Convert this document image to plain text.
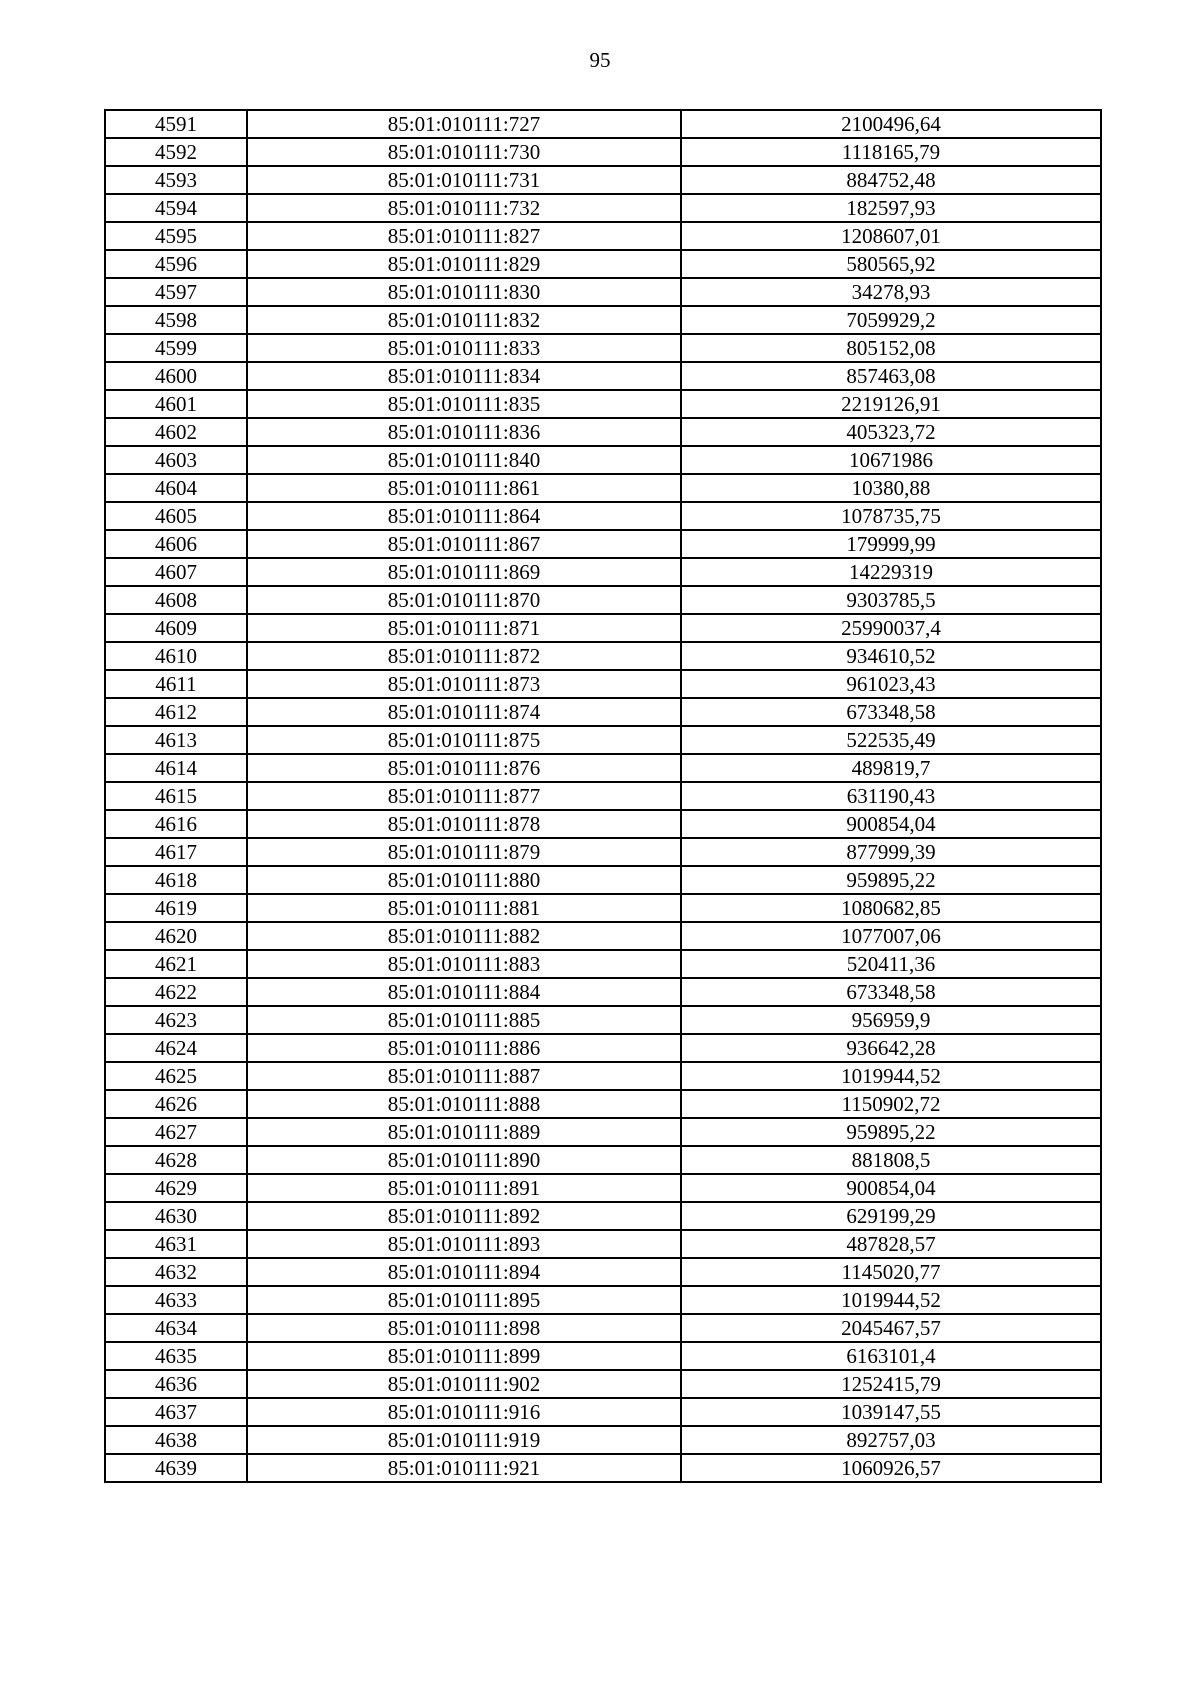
95
4591	85:01:010111:727	2100496,64
4592	85:01:010111:730	1118165,79
4593	85:01:010111:731	884752,48
4594	85:01:010111:732	182597,93
4595	85:01:010111:827	1208607,01
4596	85:01:010111:829	580565,92
4597	85:01:010111:830	34278,93
4598	85:01:010111:832	7059929,2
4599	85:01:010111:833	805152,08
4600	85:01:010111:834	857463,08
4601	85:01:010111:835	2219126,91
4602	85:01:010111:836	405323,72
4603	85:01:010111:840	10671986
4604	85:01:010111:861	10380,88
4605	85:01:010111:864	1078735,75
4606	85:01:010111:867	179999,99
4607	85:01:010111:869	14229319
4608	85:01:010111:870	9303785,5
4609	85:01:010111:871	25990037,4
4610	85:01:010111:872	934610,52
4611	85:01:010111:873	961023,43
4612	85:01:010111:874	673348,58
4613	85:01:010111:875	522535,49
4614	85:01:010111:876	489819,7
4615	85:01:010111:877	631190,43
4616	85:01:010111:878	900854,04
4617	85:01:010111:879	877999,39
4618	85:01:010111:880	959895,22
4619	85:01:010111:881	1080682,85
4620	85:01:010111:882	1077007,06
4621	85:01:010111:883	520411,36
4622	85:01:010111:884	673348,58
4623	85:01:010111:885	956959,9
4624	85:01:010111:886	936642,28
4625	85:01:010111:887	1019944,52
4626	85:01:010111:888	1150902,72
4627	85:01:010111:889	959895,22
4628	85:01:010111:890	881808,5
4629	85:01:010111:891	900854,04
4630	85:01:010111:892	629199,29
4631	85:01:010111:893	487828,57
4632	85:01:010111:894	1145020,77
4633	85:01:010111:895	1019944,52
4634	85:01:010111:898	2045467,57
4635	85:01:010111:899	6163101,4
4636	85:01:010111:902	1252415,79
4637	85:01:010111:916	1039147,55
4638	85:01:010111:919	892757,03
4639	85:01:010111:921	1060926,57
